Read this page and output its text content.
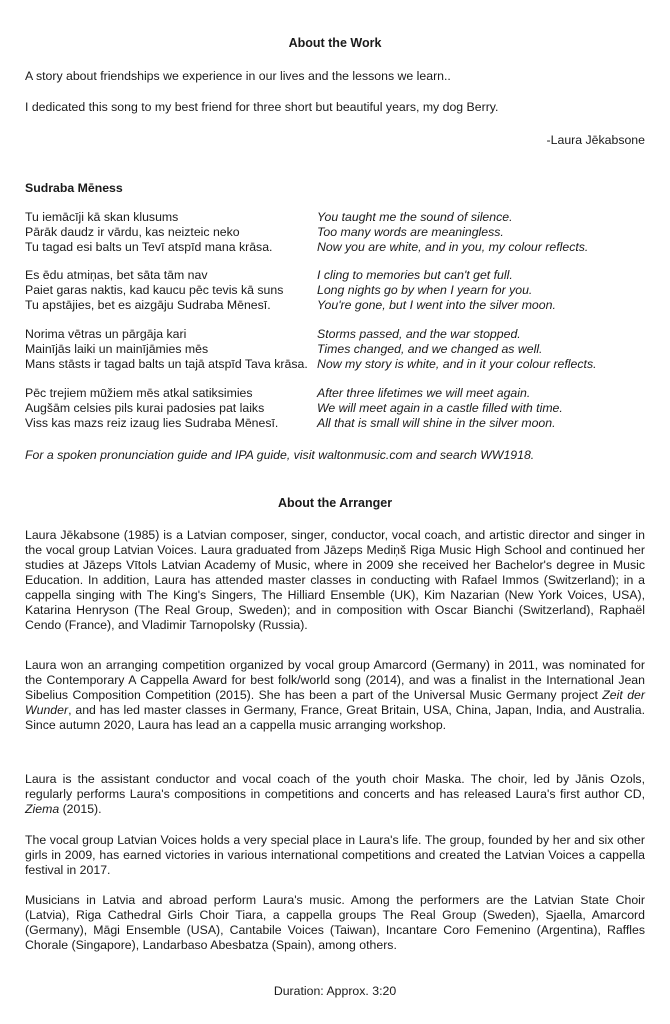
About the Work

A story about friendships we experience in our lives and the lessons we learn..

I dedicated this song to my best friend for three short but beautiful years, my dog Berry.

-Laura Jēkabsone

Sudraba Mēness
Tu iemācīji kā skan klusums
Pārāk daudz ir vārdu, kas neizteic neko
Tu tagad esi balts un Tevī atspīd mana krāsa.
You taught me the sound of silence.
Too many words are meaningless.
Now you are white, and in you, my colour reflects.
Es ēdu atmiņas, bet sāta tām nav
Paiet garas naktis, kad kaucu pēc tevis kā suns
Tu apstājies, bet es aizgāju Sudraba Mēnesī.
I cling to memories but can't get full.
Long nights go by when I yearn for you.
You're gone, but I went into the silver moon.
Norima vētras un pārgāja kari
Mainījās laiki un mainījāmies mēs
Mans stāsts ir tagad balts un tajā atspīd Tava krāsa.
Storms passed, and the war stopped.
Times changed, and we changed as well.
Now my story is white, and in it your colour reflects.
Pēc trejiem mūžiem mēs atkal satiksimies
Augšām celsies pils kurai padosies pat laiks
Viss kas mazs reiz izaug lies Sudraba Mēnesī.
After three lifetimes we will meet again.
We will meet again in a castle filled with time.
All that is small will shine in the silver moon.

For a spoken pronunciation guide and IPA guide, visit waltonmusic.com and search WW1918.

About the Arranger

Laura Jēkabsone (1985) is a Latvian composer, singer, conductor, vocal coach, and artistic director and singer in the vocal group Latvian Voices. Laura graduated from Jāzeps Mediņš Riga Music High School and continued her studies at Jāzeps Vītols Latvian Academy of Music, where in 2009 she received her Bachelor's degree in Music Education. In addition, Laura has attended master classes in conducting with Rafael Immos (Switzerland); in a cappella singing with The King's Singers, The Hilliard Ensemble (UK), Kim Nazarian (New York Voices, USA), Katarina Henryson (The Real Group, Sweden); and in composition with Oscar Bianchi (Switzerland), Raphaël Cendo (France), and Vladimir Tarnopolsky (Russia).

Laura won an arranging competition organized by vocal group Amarcord (Germany) in 2011, was nominated for the Contemporary A Cappella Award for best folk/world song (2014), and was a finalist in the International Jean Sibelius Composition Competition (2015). She has been a part of the Universal Music Germany project Zeit der Wunder, and has led master classes in Germany, France, Great Britain, USA, China, Japan, India, and Australia. Since autumn 2020, Laura has lead an a cappella music arranging workshop.

Laura is the assistant conductor and vocal coach of the youth choir Maska. The choir, led by Jānis Ozols, regularly performs Laura's compositions in competitions and concerts and has released Laura's first author CD, Ziema (2015).

The vocal group Latvian Voices holds a very special place in Laura's life. The group, founded by her and six other girls in 2009, has earned victories in various international competitions and created the Latvian Voices a cappella festival in 2017.

Musicians in Latvia and abroad perform Laura's music. Among the performers are the Latvian State Choir (Latvia), Riga Cathedral Girls Choir Tiara, a cappella groups The Real Group (Sweden), Sjaella, Amarcord (Germany), Māgi Ensemble (USA), Cantabile Voices (Taiwan), Incantare Coro Femenino (Argentina), Raffles Chorale (Singapore), Landarbaso Abesbatza (Spain), among others.

Duration: Approx. 3:20
